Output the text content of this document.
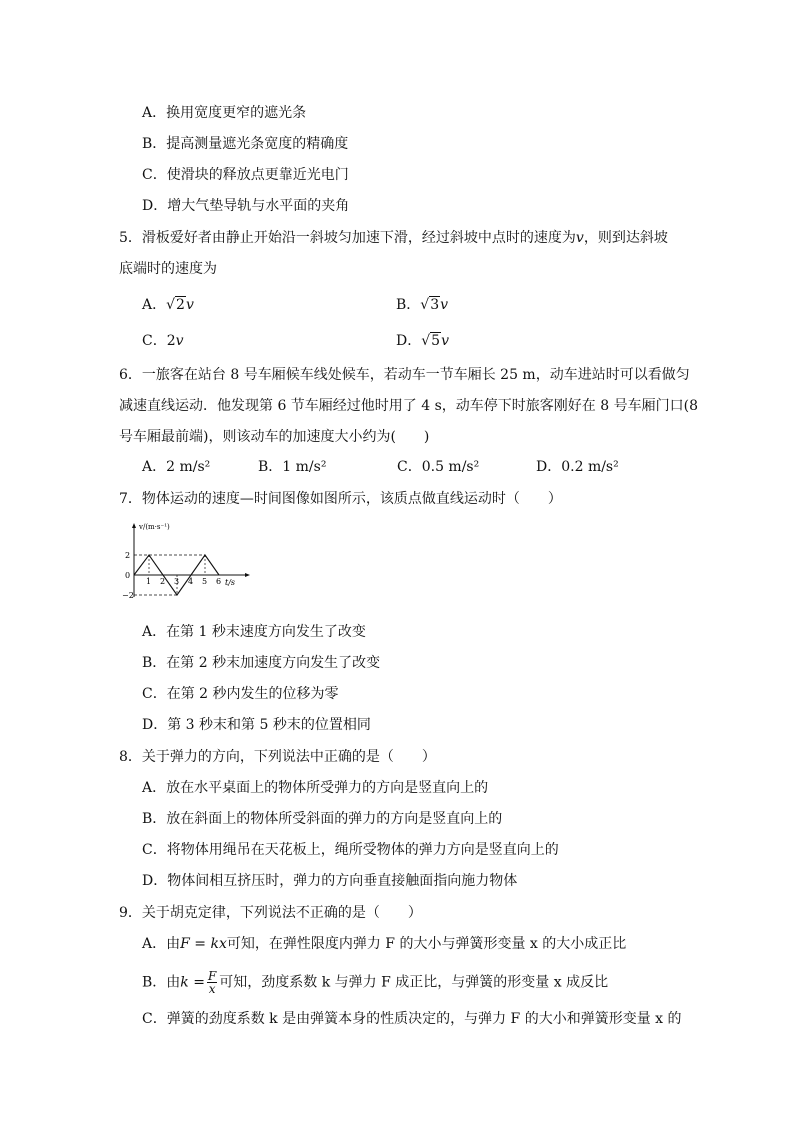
A．换用宽度更窄的遮光条
B．提高测量遮光条宽度的精确度
C．使滑块的释放点更靠近光电门
D．增大气垫导轨与水平面的夹角
5．滑板爱好者由静止开始沿一斜坡匀加速下滑，经过斜坡中点时的速度为v，则到达斜坡
底端时的速度为
A．√2v	B．√3v
C．2v	D．√5v
6．一旅客在站台 8 号车厢候车线处候车，若动车一节车厢长 25 m，动车进站时可以看做匀
减速直线运动．他发现第 6 节车厢经过他时用了 4 s，动车停下时旅客刚好在 8 号车厢门口(8
号车厢最前端)，则该动车的加速度大小约为(　　)
A．2 m/s²	B．1 m/s²	C．0.5 m/s²	D．0.2 m/s²
7．物体运动的速度—时间图像如图所示，该质点做直线运动时（　　）
v/(m·s⁻¹)
t/s
2
0
−2
1 2 3 4 5 6
A．在第 1 秒末速度方向发生了改变
B．在第 2 秒末加速度方向发生了改变
C．在第 2 秒内发生的位移为零
D．第 3 秒末和第 5 秒末的位置相同
8．关于弹力的方向，下列说法中正确的是（　　）
A．放在水平桌面上的物体所受弹力的方向是竖直向上的
B．放在斜面上的物体所受斜面的弹力的方向是竖直向上的
C．将物体用绳吊在天花板上，绳所受物体的弹力方向是竖直向上的
D．物体间相互挤压时，弹力的方向垂直接触面指向施力物体
9．关于胡克定律，下列说法不正确的是（　　）
A．由F = kx可知，在弹性限度内弹力 F 的大小与弹簧形变量 x 的大小成正比
B．由$k = \frac{F}{x}$ 可知，劲度系数 k 与弹力 F 成正比，与弹簧的形变量 x 成反比
C．弹簧的劲度系数 k 是由弹簧本身的性质决定的，与弹力 F 的大小和弹簧形变量 x 的
